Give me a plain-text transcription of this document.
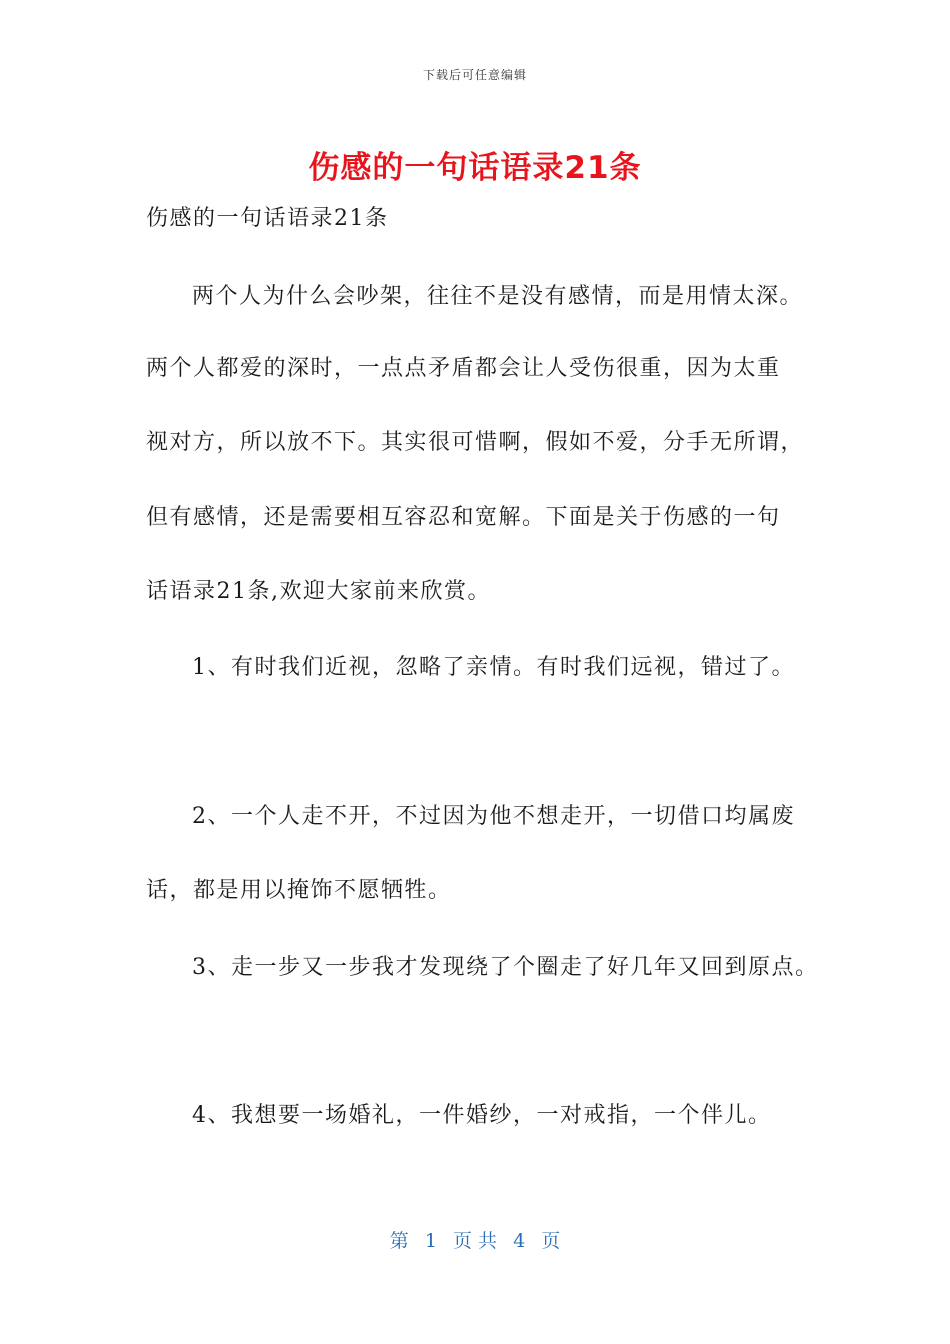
下载后可任意编辑
伤感的一句话语录21条
伤感的一句话语录21条
两个人为什么会吵架，往往不是没有感情，而是用情太深。
两个人都爱的深时，一点点矛盾都会让人受伤很重，因为太重
视对方，所以放不下。其实很可惜啊，假如不爱，分手无所谓，
但有感情，还是需要相互容忍和宽解。下面是关于伤感的一句
话语录21条,欢迎大家前来欣赏。
1、有时我们近视，忽略了亲情。有时我们远视，错过了。
2、一个人走不开，不过因为他不想走开，一切借口均属废
话，都是用以掩饰不愿牺牲。
3、走一步又一步我才发现绕了个圈走了好几年又回到原点。
4、我想要一场婚礼，一件婚纱，一对戒指，一个伴儿。
第 1 页 共 4 页
